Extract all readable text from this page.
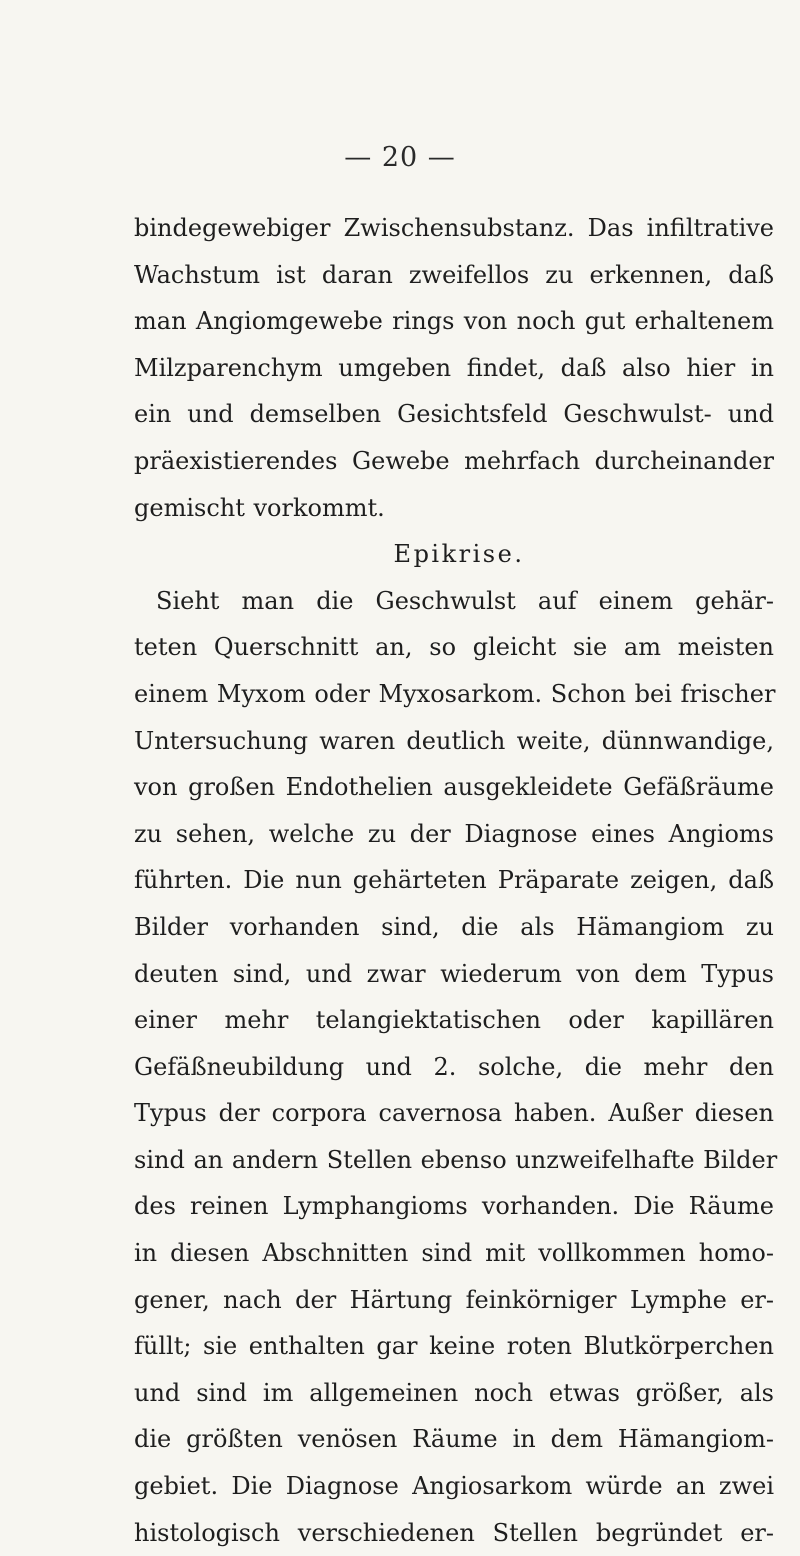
— 20 —
bindegewebiger Zwischensubstanz. Das infiltrative
Wachstum ist daran zweifellos zu erkennen, daß
man Angiomgewebe rings von noch gut erhaltenem
Milzparenchym umgeben findet, daß also hier in
ein und demselben Gesichtsfeld Geschwulst- und
präexistierendes Gewebe mehrfach durcheinander
gemischt vorkommt.
Epikrise.
Sieht man die Geschwulst auf einem gehär-
teten Querschnitt an, so gleicht sie am meisten
einem Myxom oder Myxosarkom. Schon bei frischer
Untersuchung waren deutlich weite, dünnwandige,
von großen Endothelien ausgekleidete Gefäßräume
zu sehen, welche zu der Diagnose eines Angioms
führten. Die nun gehärteten Präparate zeigen, daß
Bilder vorhanden sind, die als Hämangiom zu
deuten sind, und zwar wiederum von dem Typus
einer mehr telangiektatischen oder kapillären
Gefäßneubildung und 2. solche, die mehr den
Typus der corpora cavernosa haben. Außer diesen
sind an andern Stellen ebenso unzweifelhafte Bilder
des reinen Lymphangioms vorhanden. Die Räume
in diesen Abschnitten sind mit vollkommen homo-
gener, nach der Härtung feinkörniger Lymphe er-
füllt; sie enthalten gar keine roten Blutkörperchen
und sind im allgemeinen noch etwas größer, als
die größten venösen Räume in dem Hämangiom-
gebiet. Die Diagnose Angiosarkom würde an zwei
histologisch verschiedenen Stellen begründet er-
